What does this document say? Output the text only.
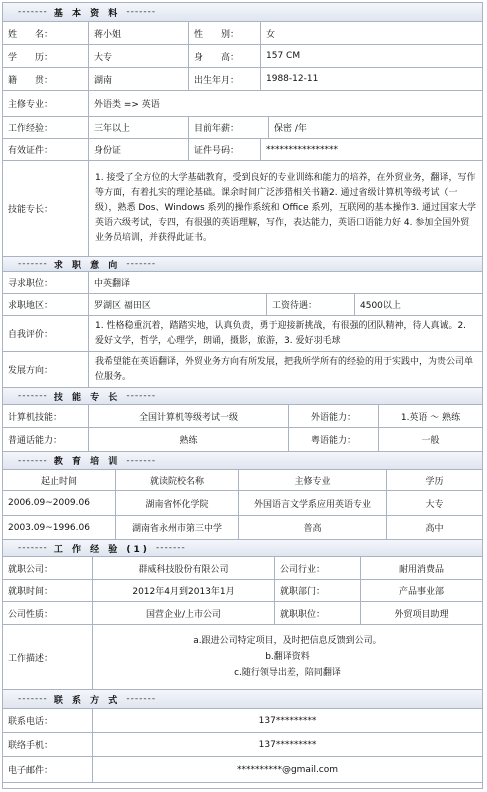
-------
基 本 资 料
-------
姓　　名：	蒋小姐	性　　别：	女
学　　历：	大专	身　　高：	157 CM
籍　　贯：	湖南	出生年月：	1988-12-11
主修专业：	外语类 => 英语
工作经验：	三年以上	目前年薪：	保密 /年
有效证件：	身份证	证件号码：	****************
技能专长：
1. 接受了全方位的大学基础教育，受到良好的专业训练和能力的培养，在外贸业务，翻译，写作等方面，有着扎实的理论基础。课余时间广泛涉猎相关书籍2. 通过省级计算机等级考试（一级），熟悉 Dos、Windows 系列的操作系统和 Office 系列，互联网的基本操作3. 通过国家大学英语六级考试，专四，有很强的英语理解，写作，表达能力，英语口语能力好 4. 参加全国外贸业务员培训，并获得此证书。
-------
求 职 意 向
-------
寻求职位：	中英翻译
求职地区：	罗湖区 福田区	工资待遇：	4500以上
自我评价：
1. 性格稳重沉着，踏踏实地，认真负责，勇于迎接新挑战，有很强的团队精神，待人真诚。2. 爱好文学，哲学，心理学，朗诵，摄影，旅游，3. 爱好羽毛球
发展方向：
我希望能在英语翻译，外贸业务方向有所发展，把我所学所有的经验的用于实践中，为贵公司单位服务。
-------
技 能 专 长
-------
计算机技能：	全国计算机等级考试一级	外语能力：	1.英语 ～ 熟练
普通话能力：	熟练	粤语能力：	一般
-------
教 育 培 训
-------
起止时间	就读院校名称	主修专业	学历
2006.09~2009.06	湖南省怀化学院	外国语言文学系应用英语专业	大专
2003.09~1996.06	湖南省永州市第三中学	普高	高中
-------
工 作 经 验 (1)
-------
就职公司：	群威科技股份有限公司	公司行业：	耐用消费品
就职时间：	2012年4月到2013年1月	就职部门：	产品事业部
公司性质：	国营企业/上市公司	就职职位：	外贸项目助理
工作描述：
a.跟进公司特定项目，及时把信息反馈到公司。
b.翻译资料
c.随行领导出差，陪同翻译
-------
联 系 方 式
-------
联系电话：	137*********
联络手机：	137*********
电子邮件：	**********@gmail.com
